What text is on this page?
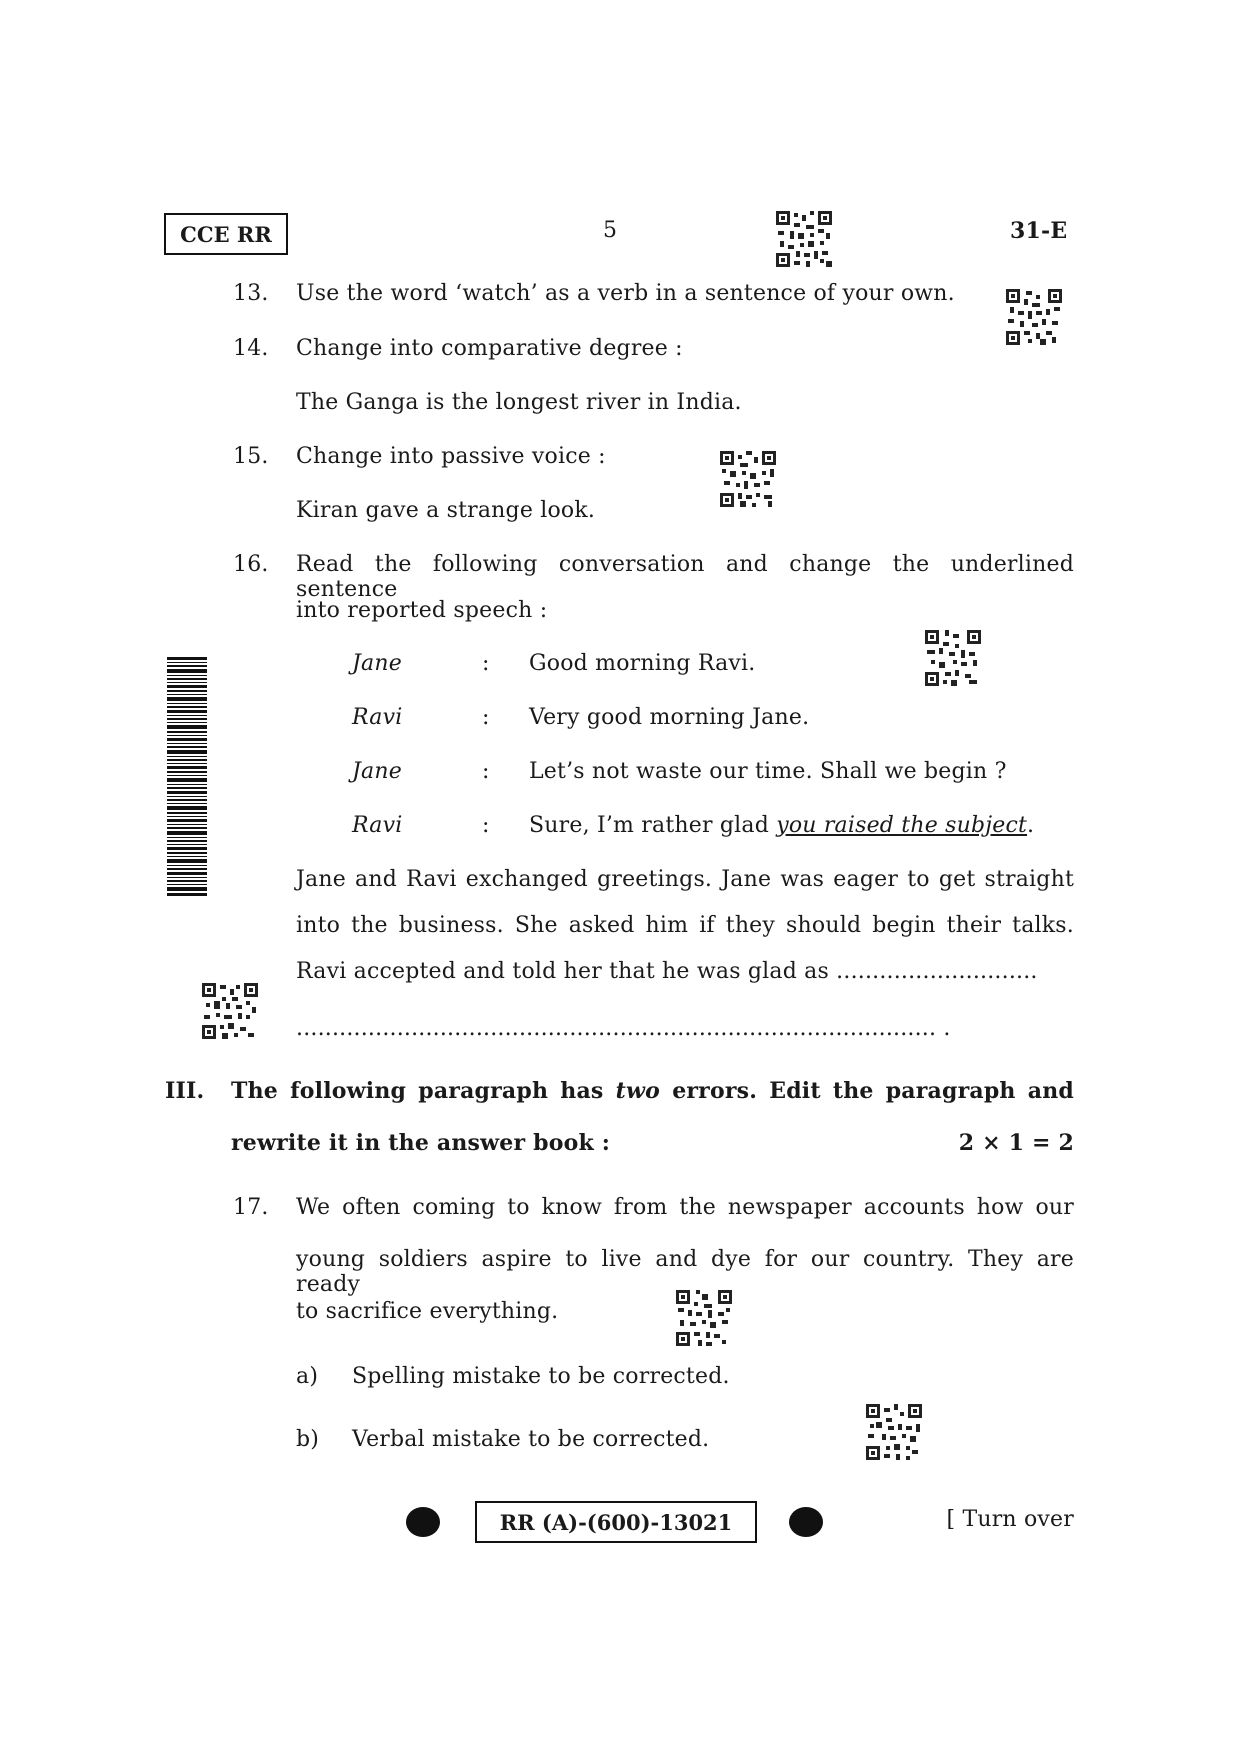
CCE RR	5	31-E
13. Use the word ‘watch’ as a verb in a sentence of your own.
14. Change into comparative degree :
The Ganga is the longest river in India.
15. Change into passive voice :
Kiran gave a strange look.
16. Read the following conversation and change the underlined sentence
into reported speech :
Jane	: Good morning Ravi.
Ravi	: Very good morning Jane.
Jane	: Let’s not waste our time. Shall we begin ?
Ravi	: Sure, I’m rather glad you raised the subject.
Jane and Ravi exchanged greetings. Jane was eager to get straight
into the business. She asked him if they should begin their talks.
Ravi accepted and told her that he was glad as ............................
......................................................................................... .
III. The following paragraph has two errors. Edit the paragraph and
rewrite it in the answer book :	2 × 1 = 2
17. We often coming to know from the newspaper accounts how our
young soldiers aspire to live and dye for our country. They are ready
to sacrifice everything.
a) Spelling mistake to be corrected.
b) Verbal mistake to be corrected.
RR (A)-(600)-13021	[ Turn over
